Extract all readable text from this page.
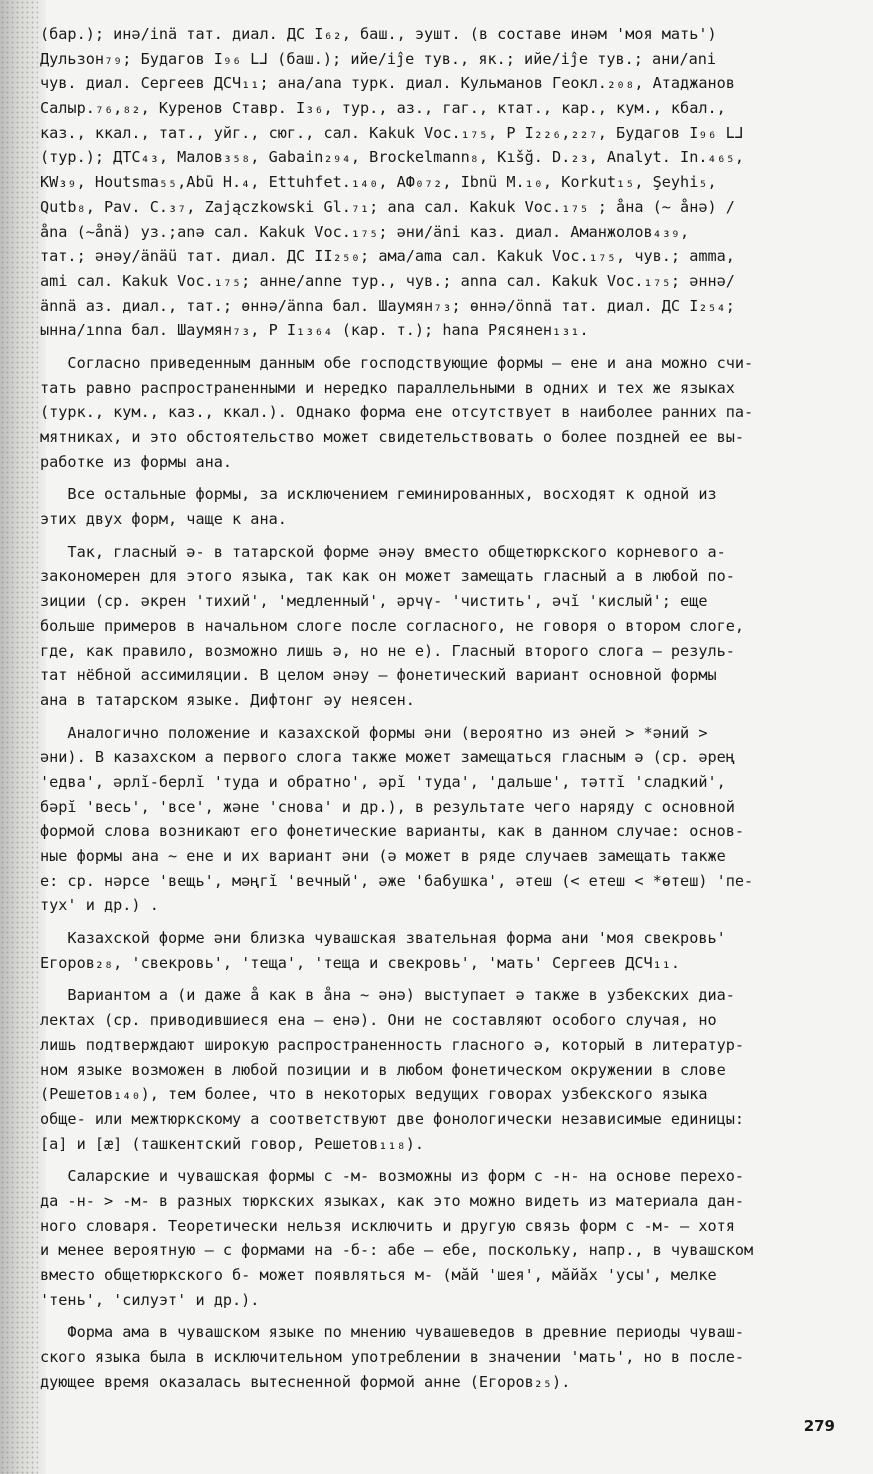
(бар.); инә/inä тат. диал. ДС I₆₂, баш., эушт. (в составе инәм 'моя мать')
Дульзон₇₉; Будагов I₉₆ ᒪᒧ (баш.); ийе/iĵe тув., як.; ийе/iĵe тув.; ани/ani
чув. диал. Сергеев ДСЧ₁₁; ана/ana турк. диал. Кульманов Геокл.₂₀₈, Атаджанов
Салыр.₇₆,₈₂, Куренов Ставр. I₃₆, тур., аз., гаг., ктат., кар., кум., кбал.,
каз., ккал., тат., уйг., сюг., сал. Kakuk Voc.₁₇₅, Р I₂₂₆,₂₂₇, Будагов I₉₆ ᒪᒧ
(тур.); ДТС₄₃, Малов₃₅₈, Gabain₂₉₄, Brockelmann₈, Kıšğ. D.₂₃, Analyt. In.₄₆₅,
KW₃₉, Houtsma₅₅,Abū H.₄, Ettuhfet.₁₄₀, АФ₀₇₂, Ibnü M.₁₀, Korkut₁₅, Şeyhi₅,
Qutb₈, Pav. C.₃₇, Zajączkowski Gl.₇₁; ana сал. Kakuk Voc.₁₇₅ ; åна (~ åнə) /
åna (~ånä) уз.;anə сал. Kakuk Voc.₁₇₅; əни/äni каз. диал. Аманжолов₄₃₉,
тат.; əнəу/änäü тат. диал. ДС II₂₅₀; ама/ama сал. Kakuk Voc.₁₇₅, чув.; amma,
ami сал. Kakuk Voc.₁₇₅; анне/anne тур., чув.; anna сал. Kakuk Voc.₁₇₅; əннə/
ännä аз. диал., тат.; өннə/änna бал. Шаумян₇₃; өннə/önnä тат. диал. ДС I₂₅₄;
ынна/ınna бал. Шаумян₇₃, Р I₁₃₆₄ (кар. т.); hana Рясянен₁₃₁.
Согласно приведенным данным обе господствующие формы – ене и ана можно счи-
тать равно распространенными и нередко параллельными в одних и тех же языках
(турк., кум., каз., ккал.). Однако форма ене отсутствует в наиболее ранних па-
мятниках, и это обстоятельство может свидетельствовать о более поздней ее вы-
работке из формы ана.
Все остальные формы, за исключением геминированных, восходят к одной из
этих двух форм, чаще к ана.
Так, гласный ə- в татарской форме əнəу вместо общетюркского корневого а-
закономерен для этого языка, так как он может замещать гласный а в любой по-
зиции (ср. əкрен 'тихий', 'медленный', əрчү- 'чистить', əчĭ 'кислый'; еще
больше примеров в начальном слоге после согласного, не говоря о втором слоге,
где, как правило, возможно лишь ə, но не е). Гласный второго слога – резуль-
тат нёбной ассимиляции. В целом əнəу – фонетический вариант основной формы
ана в татарском языке. Дифтонг əу неясен.
Аналогично положение и казахской формы əни (вероятно из əней > *əний >
əни). В казахском а первого слога также может замещаться гласным ə (ср. əрең
'едва', əрлĭ-берлĭ 'туда и обратно', əрĭ 'туда', 'дальше', тəттĭ 'сладкий',
бəрĭ 'весь', 'все', жəне 'снова' и др.), в результате чего наряду с основной
формой слова возникают его фонетические варианты, как в данном случае: основ-
ные формы ана ~ ене и их вариант əни (ə может в ряде случаев замещать также
е: ср. нəрсе 'вещь', мəңгĭ 'вечный', əже 'бабушка', əтеш (< етеш < *өтеш) 'пе-
тух' и др.) .
Казахской форме əни близка чувашская звательная форма ани 'моя свекровь'
Егоров₂₈, 'свекровь', 'теща', 'теща и свекровь', 'мать' Сергеев ДСЧ₁₁.
Вариантом а (и даже å как в åна ~ əнə) выступает ə также в узбекских диа-
лектах (ср. приводившиеся ена – енə). Они не составляют особого случая, но
лишь подтверждают широкую распространенность гласного ə, который в литератур-
ном языке возможен в любой позиции и в любом фонетическом окружении в слове
(Решетов₁₄₀), тем более, что в некоторых ведущих говорах узбекского языка
обще- или межтюркскому а соответствуют две фонологически независимые единицы:
[а] и [æ] (ташкентский говор, Решетов₁₁₈).
Саларские и чувашская формы с -м- возможны из форм с -н- на основе перехо-
да -н- > -м- в разных тюркских языках, как это можно видеть из материала дан-
ного словаря. Теоретически нельзя исключить и другую связь форм с -м- – хотя
и менее вероятную – с формами на -б-: абе – ебе, поскольку, напр., в чувашском
вместо общетюркского б- может появляться м- (мăй 'шея', мăйăх 'усы', мелке
'тень', 'силуэт' и др.).
Форма ама в чувашском языке по мнению чувашеведов в древние периоды чуваш-
ского языка была в исключительном употреблении в значении 'мать', но в после-
дующее время оказалась вытесненной формой анне (Егоров₂₅).
279
